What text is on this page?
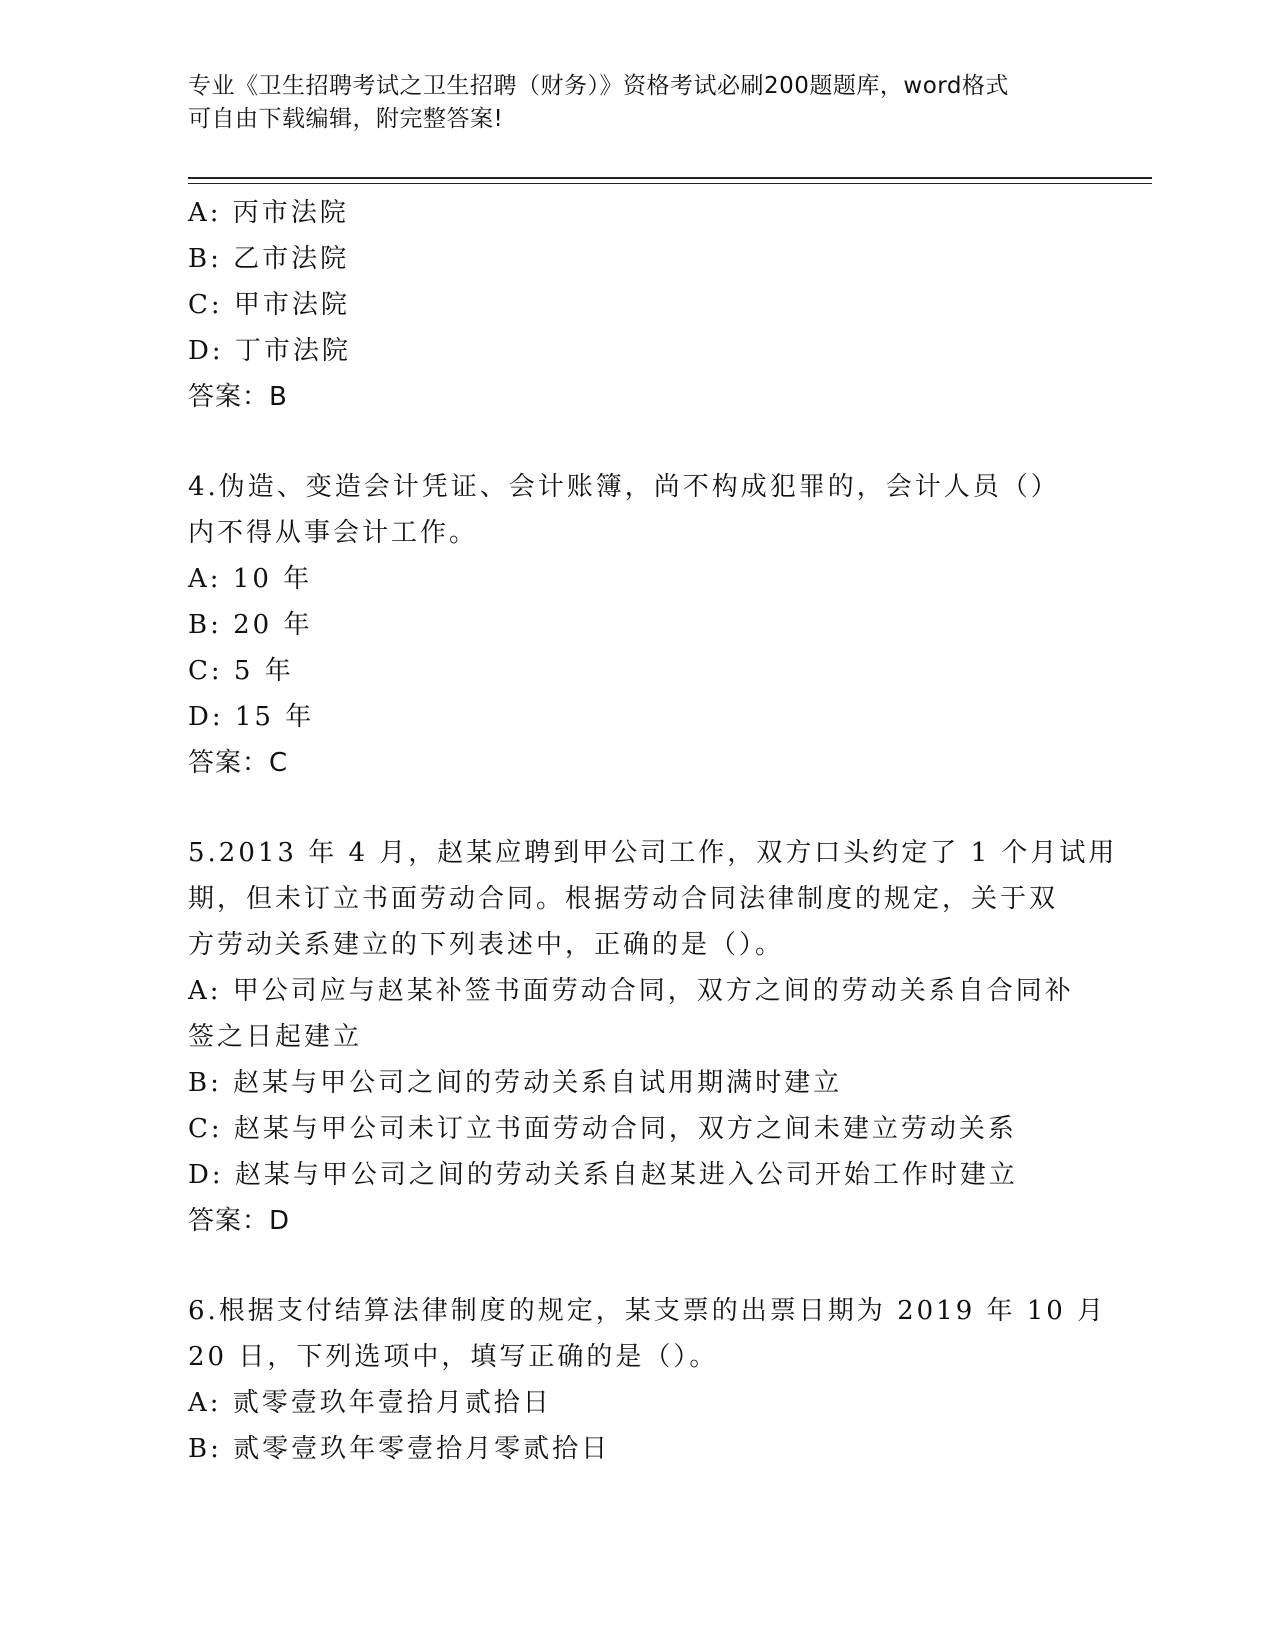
专业《卫生招聘考试之卫生招聘（财务）》资格考试必刷200题题库，word格式
可自由下载编辑，附完整答案!
A: 丙市法院
B: 乙市法院
C: 甲市法院
D: 丁市法院
答案：B
4.伪造、变造会计凭证、会计账簿，尚不构成犯罪的，会计人员（）
内不得从事会计工作。
A: 10 年
B: 20 年
C: 5 年
D: 15 年
答案：C
5.2013 年 4 月，赵某应聘到甲公司工作，双方口头约定了 1 个月试用
期，但未订立书面劳动合同。根据劳动合同法律制度的规定，关于双
方劳动关系建立的下列表述中，正确的是（）。
A: 甲公司应与赵某补签书面劳动合同，双方之间的劳动关系自合同补
签之日起建立
B: 赵某与甲公司之间的劳动关系自试用期满时建立
C: 赵某与甲公司未订立书面劳动合同，双方之间未建立劳动关系
D: 赵某与甲公司之间的劳动关系自赵某进入公司开始工作时建立
答案：D
6.根据支付结算法律制度的规定，某支票的出票日期为 2019 年 10 月
20 日，下列选项中，填写正确的是（）。
A: 贰零壹玖年壹拾月贰拾日
B: 贰零壹玖年零壹拾月零贰拾日
